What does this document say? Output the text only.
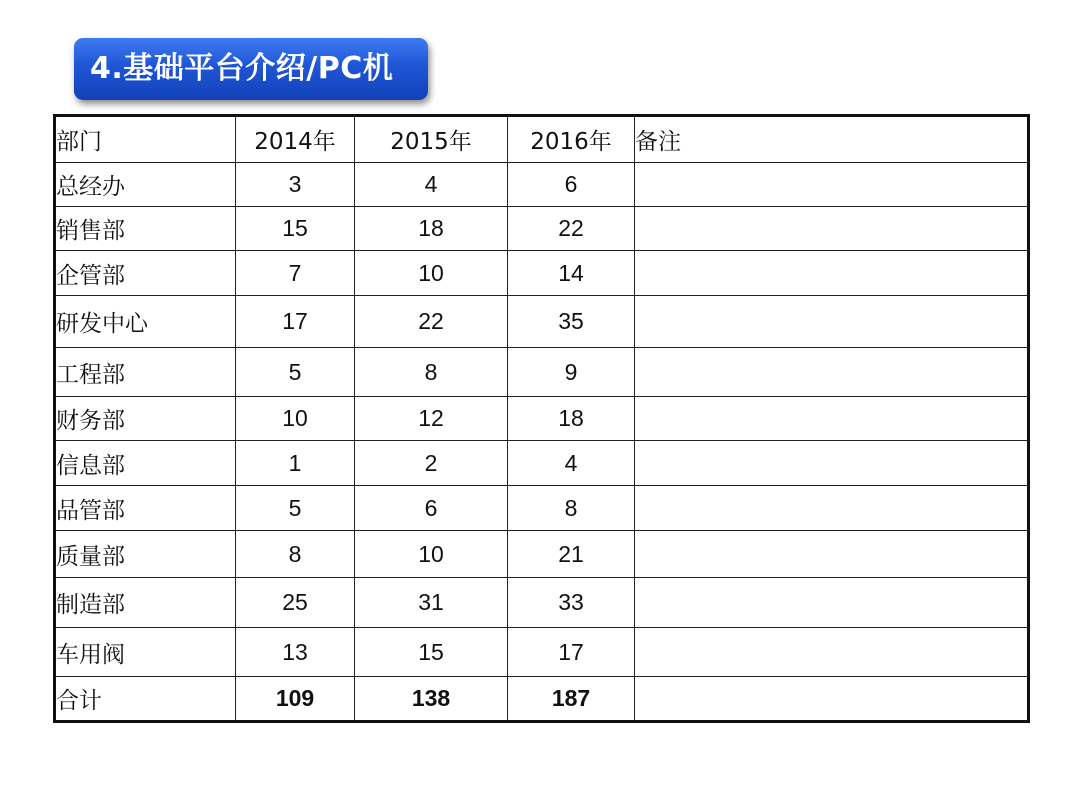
4.基础平台介绍/PC机
部门	2014年	2015年	2016年	备注
总经办	3	4	6	
销售部	15	18	22	
企管部	7	10	14	
研发中心	17	22	35	
工程部	5	8	9	
财务部	10	12	18	
信息部	1	2	4	
品管部	5	6	8	
质量部	8	10	21	
制造部	25	31	33	
车用阀	13	15	17	
合计	109	138	187	
